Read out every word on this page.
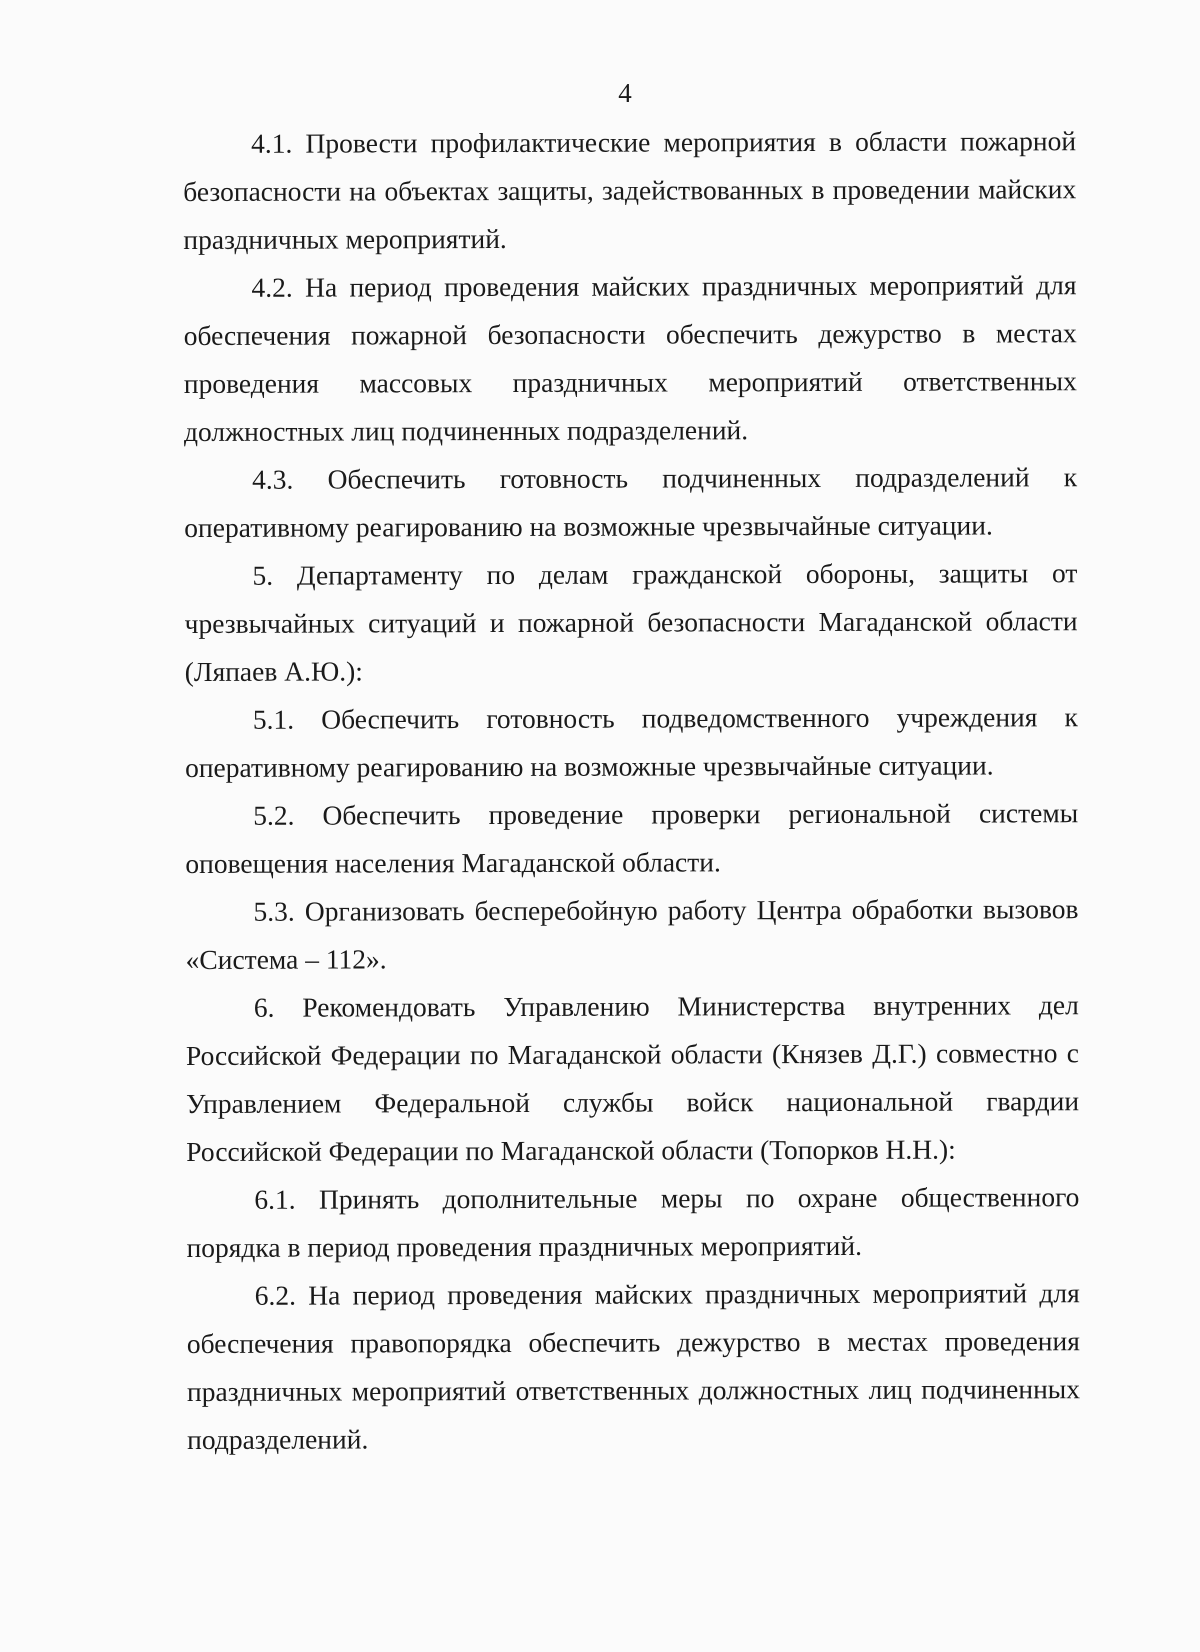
4

4.1. Провести профилактические мероприятия в области пожарной безопасности на объектах защиты, задействованных в проведении майских праздничных мероприятий.

4.2. На период проведения майских праздничных мероприятий для обеспечения пожарной безопасности обеспечить дежурство в местах проведения массовых праздничных мероприятий ответственных должностных лиц подчиненных подразделений.

4.3. Обеспечить готовность подчиненных подразделений к оперативному реагированию на возможные чрезвычайные ситуации.

5. Департаменту по делам гражданской обороны, защиты от чрезвычайных ситуаций и пожарной безопасности Магаданской области (Ляпаев А.Ю.):

5.1. Обеспечить готовность подведомственного учреждения к оперативному реагированию на возможные чрезвычайные ситуации.

5.2. Обеспечить проведение проверки региональной системы оповещения населения Магаданской области.

5.3. Организовать бесперебойную работу Центра обработки вызовов «Система – 112».

6. Рекомендовать Управлению Министерства внутренних дел Российской Федерации по Магаданской области (Князев Д.Г.) совместно с Управлением Федеральной службы войск национальной гвардии Российской Федерации по Магаданской области (Топорков Н.Н.):

6.1. Принять дополнительные меры по охране общественного порядка в период проведения праздничных мероприятий.

6.2. На период проведения майских праздничных мероприятий для обеспечения правопорядка обеспечить дежурство в местах проведения праздничных мероприятий ответственных должностных лиц подчиненных подразделений.
